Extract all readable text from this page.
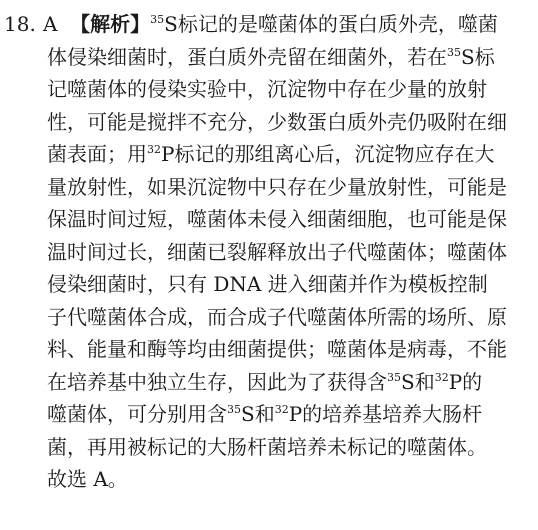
18. A 【解析】$^{35}$S标记的是噬菌体的蛋白质外壳，噬菌
体侵染细菌时，蛋白质外壳留在细菌外，若在$^{35}$S标
记噬菌体的侵染实验中，沉淀物中存在少量的放射
性，可能是搅拌不充分，少数蛋白质外壳仍吸附在细
菌表面；用$^{32}$P标记的那组离心后，沉淀物应存在大
量放射性，如果沉淀物中只存在少量放射性，可能是
保温时间过短，噬菌体未侵入细菌细胞，也可能是保
温时间过长，细菌已裂解释放出子代噬菌体；噬菌体
侵染细菌时，只有 DNA 进入细菌并作为模板控制
子代噬菌体合成，而合成子代噬菌体所需的场所、原
料、能量和酶等均由细菌提供；噬菌体是病毒，不能
在培养基中独立生存，因此为了获得含$^{35}$S和$^{32}$P的
噬菌体，可分别用含$^{35}$S和$^{32}$P的培养基培养大肠杆
菌，再用被标记的大肠杆菌培养未标记的噬菌体。
故选 A。
